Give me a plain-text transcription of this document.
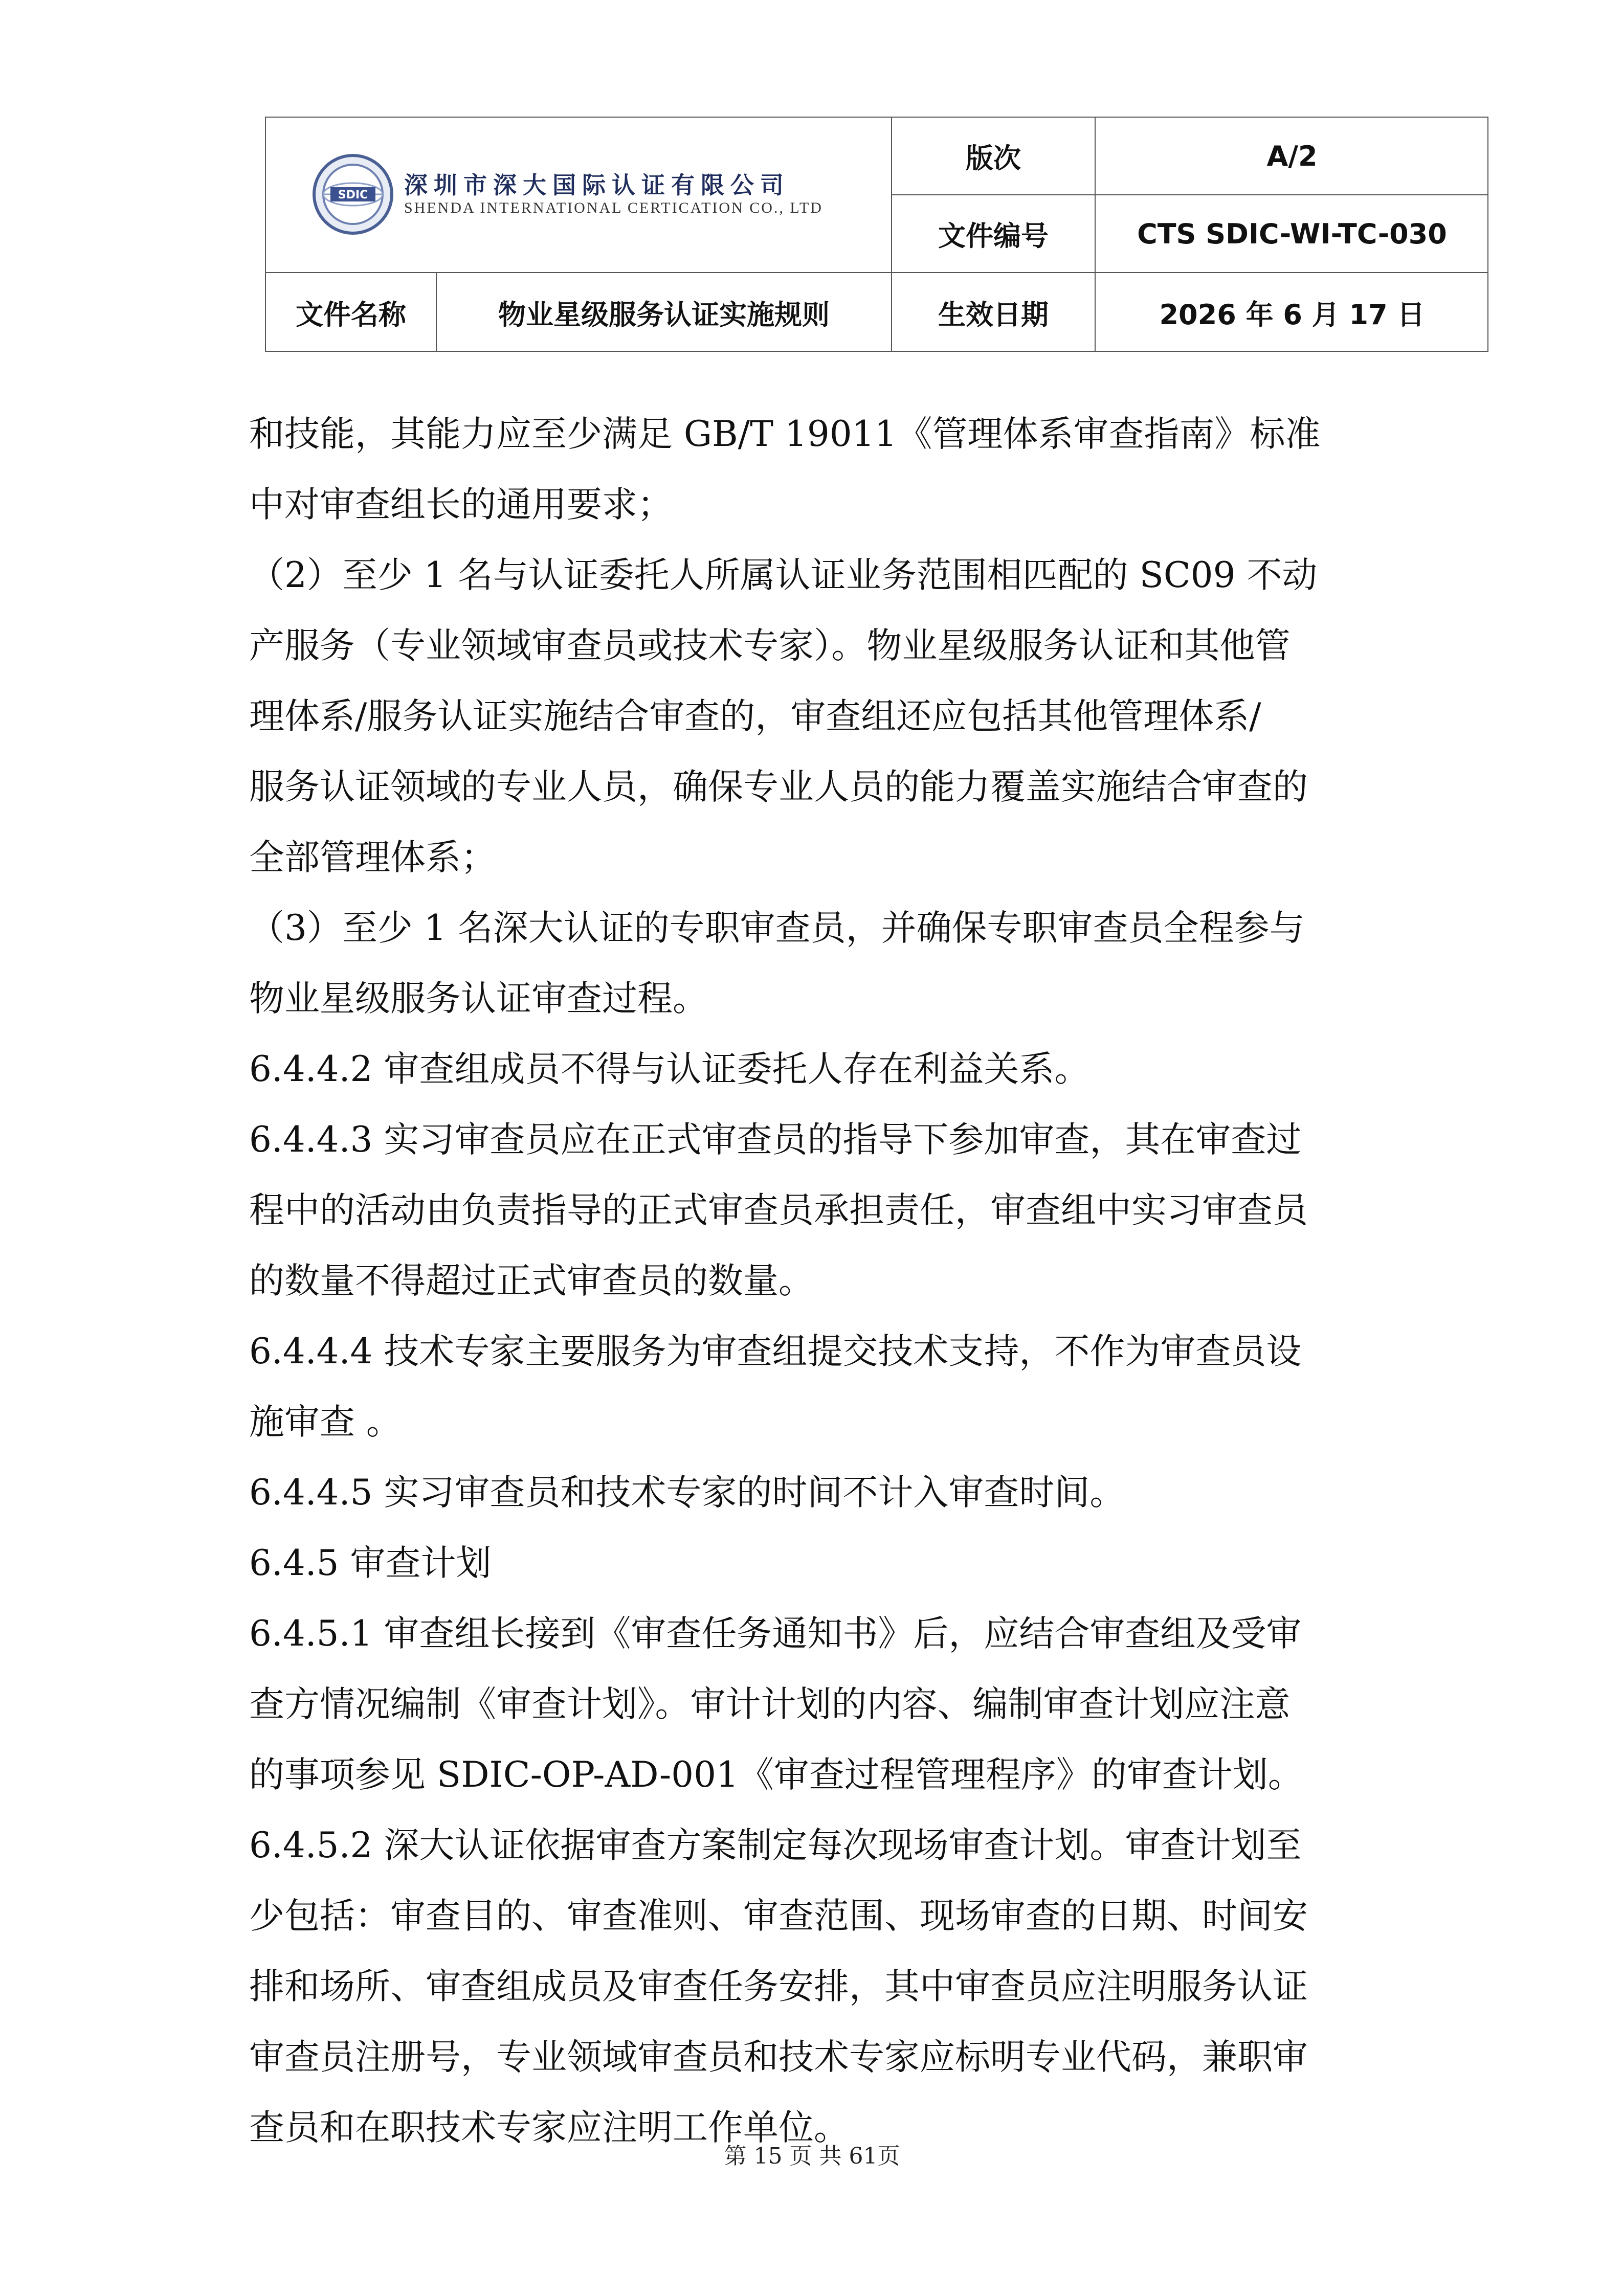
SDIC 深圳市深大国际认证有限公司
SHENDA INTERNATIONAL CERTICATION CO., LTD
版次	A/2
文件编号	CTS SDIC-WI-TC-030
文件名称	物业星级服务认证实施规则	生效日期	2026 年 6 月 17 日
和技能，其能力应至少满足 GB/T 19011《管理体系审查指南》标准
中对审查组长的通用要求；
（2）至少 1 名与认证委托人所属认证业务范围相匹配的 SC09 不动
产服务（专业领域审查员或技术专家）。物业星级服务认证和其他管
理体系/服务认证实施结合审查的，审查组还应包括其他管理体系/
服务认证领域的专业人员，确保专业人员的能力覆盖实施结合审查的
全部管理体系；
（3）至少 1 名深大认证的专职审查员，并确保专职审查员全程参与
物业星级服务认证审查过程。
6.4.4.2 审查组成员不得与认证委托人存在利益关系。
6.4.4.3 实习审查员应在正式审查员的指导下参加审查，其在审查过
程中的活动由负责指导的正式审查员承担责任，审查组中实习审查员
的数量不得超过正式审查员的数量。
6.4.4.4 技术专家主要服务为审查组提交技术支持，不作为审查员设
施审查 。
6.4.4.5 实习审查员和技术专家的时间不计入审查时间。
6.4.5 审查计划
6.4.5.1 审查组长接到《审查任务通知书》后，应结合审查组及受审
查方情况编制《审查计划》。审计计划的内容、编制审查计划应注意
的事项参见 SDIC-OP-AD-001《审查过程管理程序》的审查计划。
6.4.5.2 深大认证依据审查方案制定每次现场审查计划。审查计划至
少包括：审查目的、审查准则、审查范围、现场审查的日期、时间安
排和场所、审查组成员及审查任务安排，其中审查员应注明服务认证
审查员注册号，专业领域审查员和技术专家应标明专业代码，兼职审
查员和在职技术专家应注明工作单位。
第 15 页 共 61页
